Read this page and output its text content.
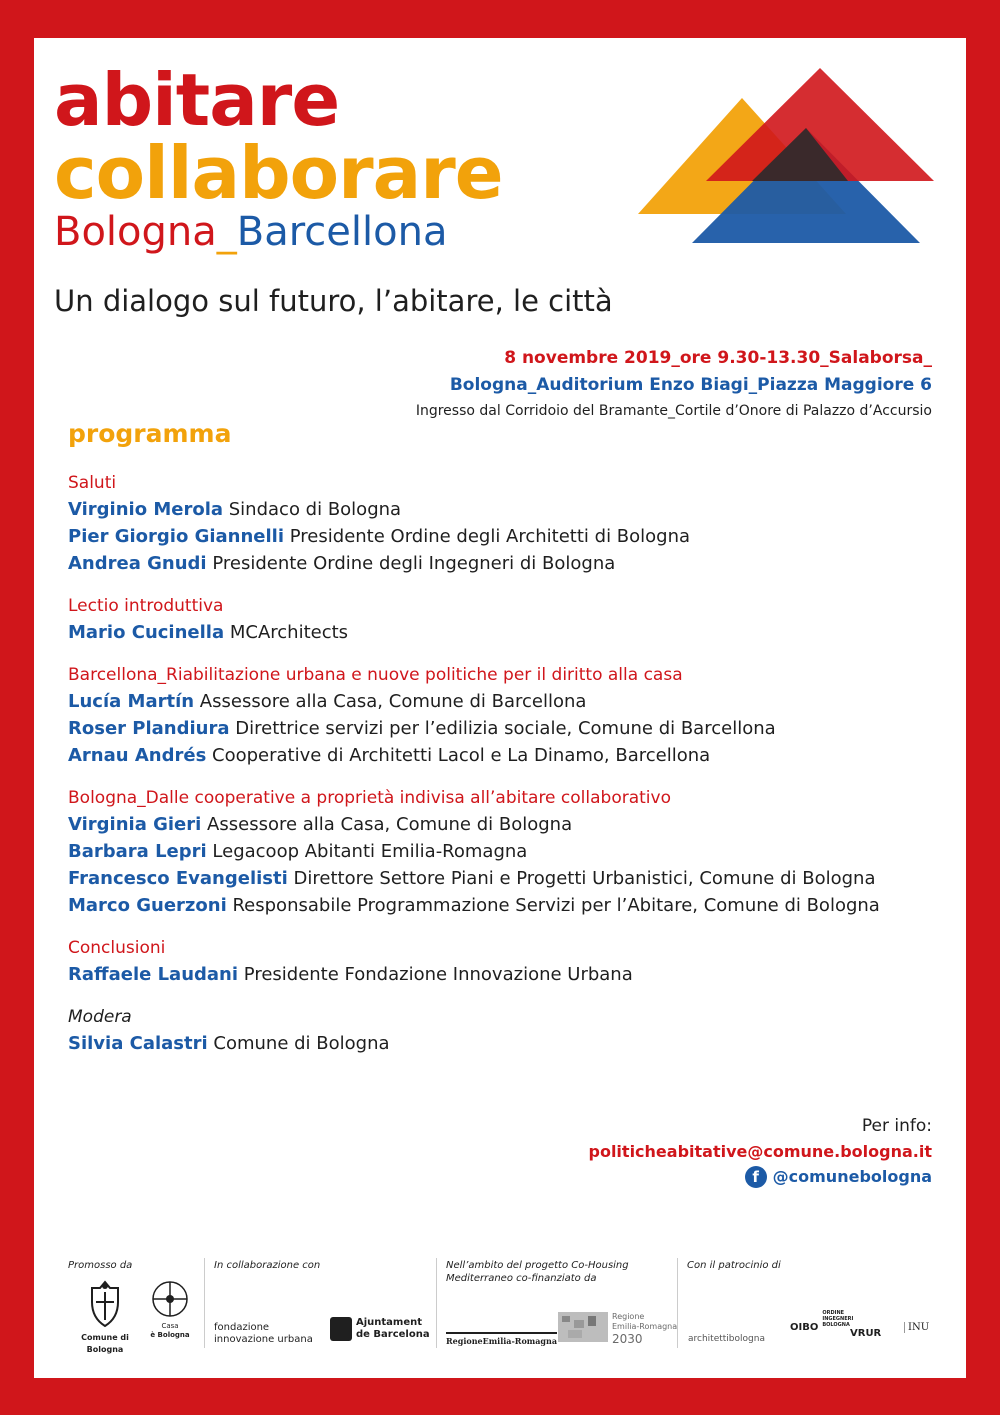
abitare
collaborare
Bologna_Barcellona
Un dialogo sul futuro, l’abitare, le città
8 novembre 2019_ore 9.30-13.30_Salaborsa_
Bologna_Auditorium Enzo Biagi_Piazza Maggiore 6
Ingresso dal Corridoio del Bramante_Cortile d’Onore di Palazzo d’Accursio
programma
Saluti
Virginio Merola Sindaco di Bologna
Pier Giorgio Giannelli Presidente Ordine degli Architetti di Bologna
Andrea Gnudi Presidente Ordine degli Ingegneri di Bologna
Lectio introduttiva
Mario Cucinella MCArchitects
Barcellona_Riabilitazione urbana e nuove politiche per il diritto alla casa
Lucía Martín Assessore alla Casa, Comune di Barcellona
Roser Plandiura Direttrice servizi per l’edilizia sociale, Comune di Barcellona
Arnau Andrés Cooperative di Architetti Lacol e La Dinamo, Barcellona
Bologna_Dalle cooperative a proprietà indivisa all’abitare collaborativo
Virginia Gieri Assessore alla Casa, Comune di Bologna
Barbara Lepri Legacoop Abitanti Emilia-Romagna
Francesco Evangelisti Direttore Settore Piani e Progetti Urbanistici, Comune di Bologna
Marco Guerzoni Responsabile Programmazione Servizi per l’Abitare, Comune di Bologna
Conclusioni
Raffaele Laudani Presidente Fondazione Innovazione Urbana
Modera
Silvia Calastri Comune di Bologna
Per info:
politicheabitative@comune.bologna.it
f @comunebologna
Promosso da	In collaborazione con	Nell’ambito del progetto Co-Housing
Mediterraneo co-finanziato da
Con il patrocinio di
Comune di Bologna
Casa
è Bologna
fondazione
innovazione urbana
Ajuntament
de Barcelona
RegioneEmilia-Romagna
Regione
Emilia-Romagna
2030	architettibologna
OIBO
ORDINE
INGEGNERI
BOLOGNA
VRUR
INU
